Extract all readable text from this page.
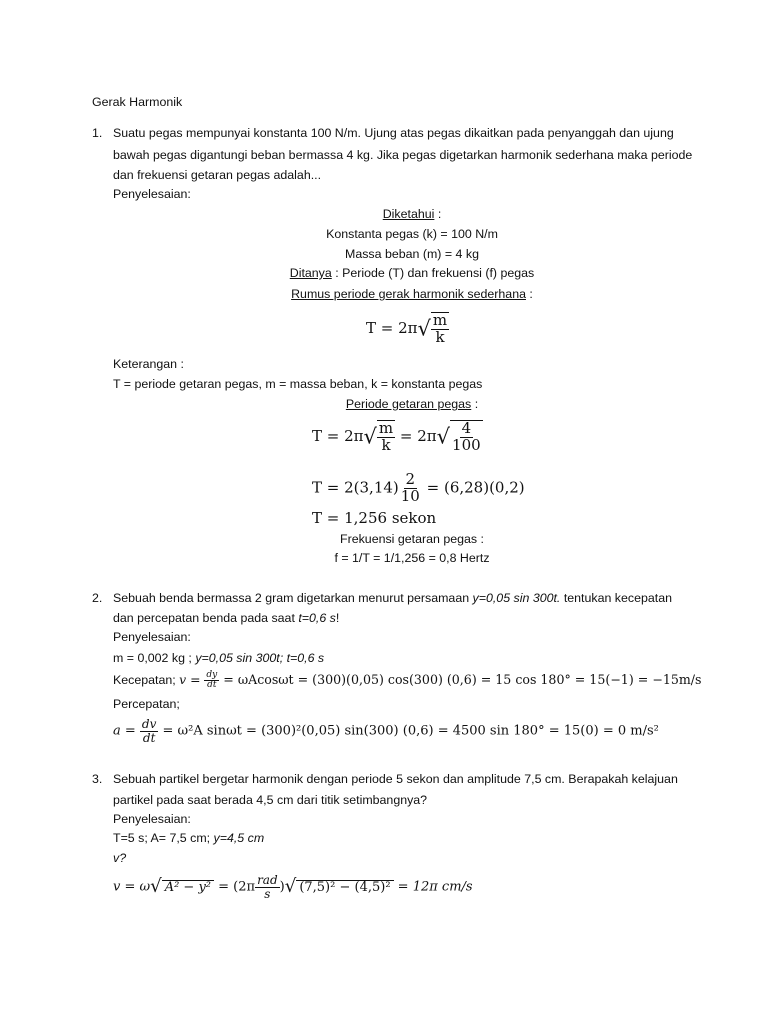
Gerak Harmonik
1. Suatu pegas mempunyai konstanta 100 N/m. Ujung atas pegas dikaitkan pada penyanggah dan ujung
bawah pegas digantungi beban bermassa 4 kg. Jika pegas digetarkan harmonik sederhana maka periode
dan frekuensi getaran pegas adalah...
Penyelesaian:
Diketahui :
Konstanta pegas (k) = 100 N/m
Massa beban (m) = 4 kg
Ditanya : Periode (T) dan frekuensi (f) pegas
Rumus periode gerak harmonik sederhana :
$T = 2\pi√ \frac{m}{k}$
Keterangan :
T = periode getaran pegas, m = massa beban, k = konstanta pegas
Periode getaran pegas :
$T = 2\pi√ \frac{m}{k} = 2\pi√ \frac{4}{100}$
$T = 2(3,14) \frac{2}{10} = (6,28)(0,2)$
T = 1,256 sekon
Frekuensi getaran pegas :
f = 1/T = 1/1,256 = 0,8 Hertz
2. Sebuah benda bermassa 2 gram digetarkan menurut persamaan y=0,05 sin 300t. tentukan kecepatan
dan percepatan benda pada saat t=0,6 s!
Penyelesaian:
m = 0,002 kg ; y=0,05 sin 300t; t=0,6 s
Kecepatan; $v = \frac{dy}{dt} = \omega Acos\omega t = (300)(0,05)$ cos(300) (0,6) = 15 cos 180° = 15(−1) = −15m/s
Percepatan;
$a = \frac{dv}{dt} = \omega^2A$ sinωt = (300)²(0,05) sin(300) (0,6) = 4500 sin 180° = 15(0) = 0 m/s²
3. Sebuah partikel bergetar harmonik dengan periode 5 sekon dan amplitude 7,5 cm. Berapakah kelajuan
partikel pada saat berada 4,5 cm dari titik setimbangnya?
Penyelesaian:
T=5 s; A= 7,5 cm; y=4,5 cm
v?
v = ω√ $A^2 - y^2 = (2\pi \frac{\text{rad}}{s}$ )√ (7,5)² − (4,5)² = 12π cm/s
